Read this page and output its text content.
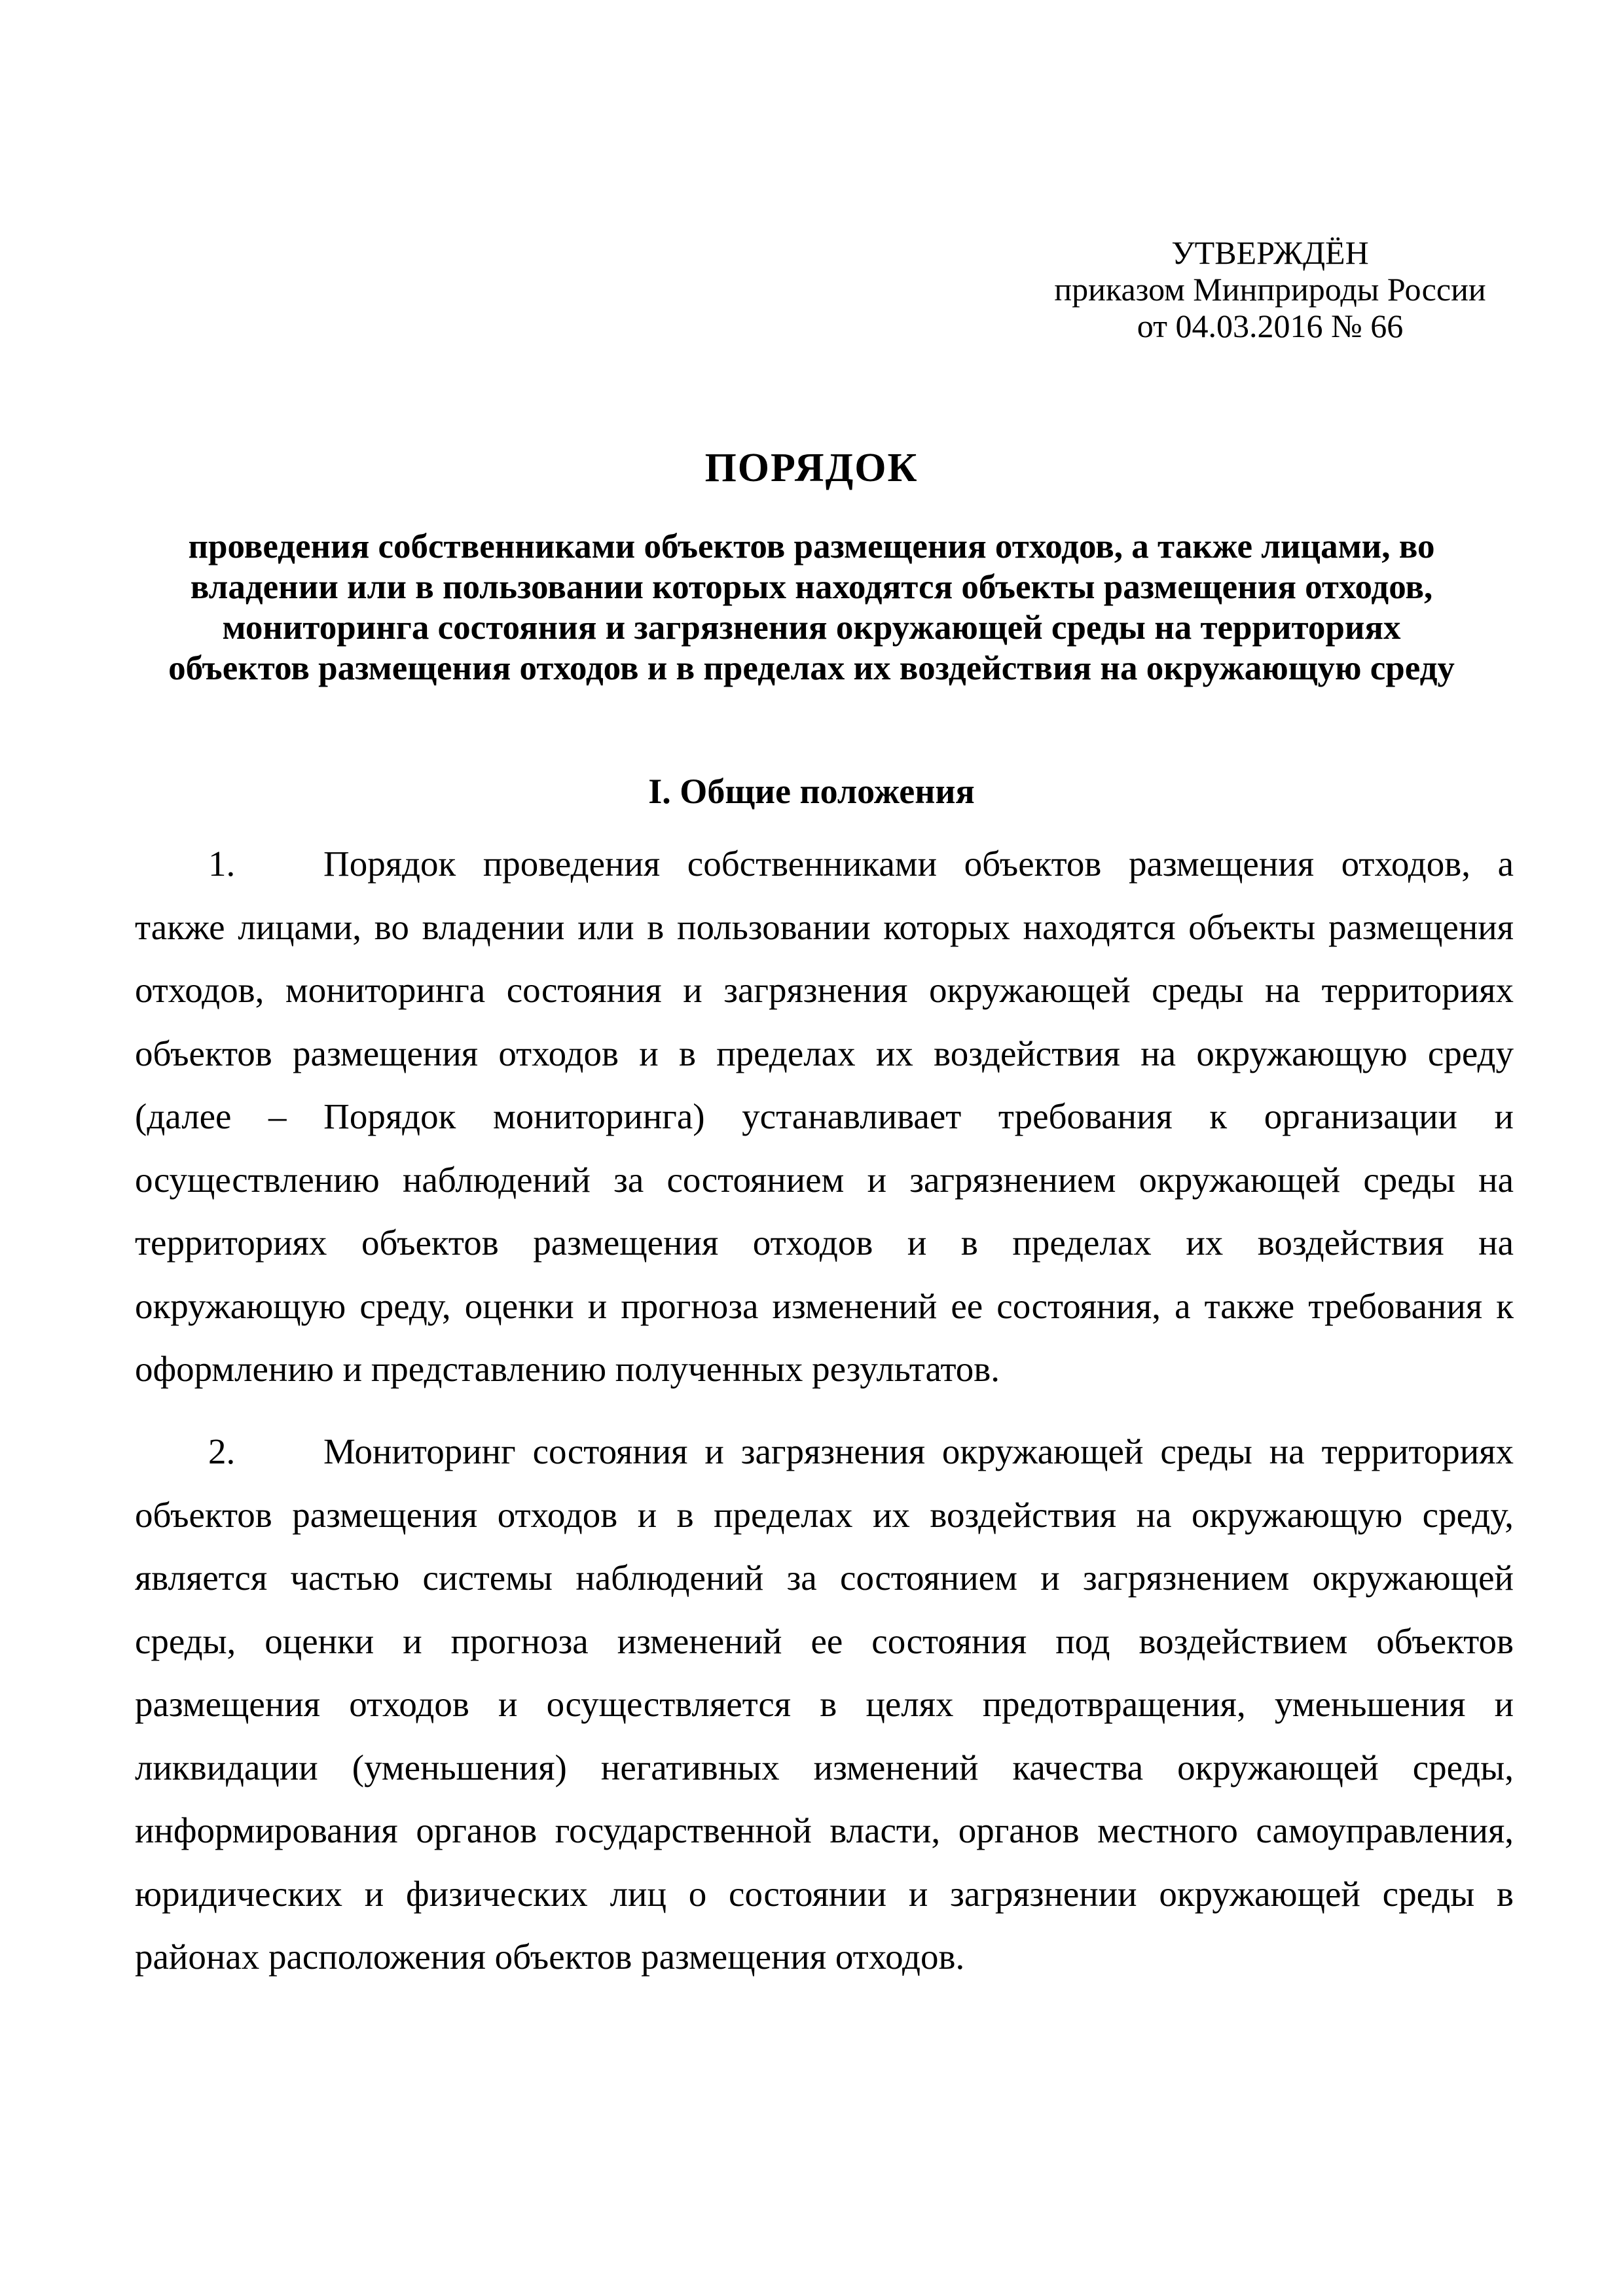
УТВЕРЖДЁН
приказом Минприроды России
от 04.03.2016 № 66
ПОРЯДОК
проведения собственниками объектов размещения отходов, а также лицами, во
владении или в пользовании которых находятся объекты размещения отходов,
мониторинга состояния и загрязнения окружающей среды на территориях
объектов размещения отходов и в пределах их воздействия на окружающую среду
I. Общие положения
1. Порядок проведения собственниками объектов размещения отходов, а
также лицами, во владении или в пользовании которых находятся объекты размещения
отходов, мониторинга состояния и загрязнения окружающей среды на территориях
объектов размещения отходов и в пределах их воздействия на окружающую среду
(далее – Порядок мониторинга) устанавливает требования к организации и
осуществлению наблюдений за состоянием и загрязнением окружающей среды на
территориях объектов размещения отходов и в пределах их воздействия на
окружающую среду, оценки и прогноза изменений ее состояния, а также требования к
оформлению и представлению полученных результатов.
2. Мониторинг состояния и загрязнения окружающей среды на территориях
объектов размещения отходов и в пределах их воздействия на окружающую среду,
является частью системы наблюдений за состоянием и загрязнением окружающей
среды, оценки и прогноза изменений ее состояния под воздействием объектов
размещения отходов и осуществляется в целях предотвращения, уменьшения и
ликвидации (уменьшения) негативных изменений качества окружающей среды,
информирования органов государственной власти, органов местного самоуправления,
юридических и физических лиц о состоянии и загрязнении окружающей среды в
районах расположения объектов размещения отходов.
